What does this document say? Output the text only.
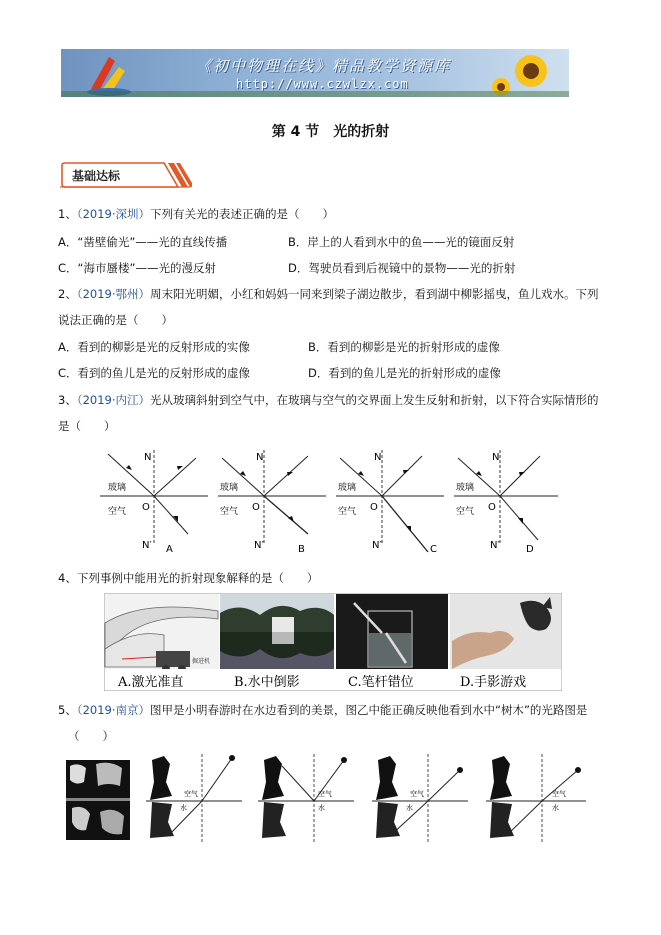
《初中物理在线》精品教学资源库
http://www.czwlzx.com
第 4 节　光的折射
基础达标
1、（2019·深圳）下列有关光的表述正确的是（　　）
A．“凿壁偷光”——光的直线传播	B．岸上的人看到水中的鱼——光的镜面反射
C．“海市蜃楼”——光的漫反射	D．驾驶员看到后视镜中的景物——光的折射
2、（2019·鄂州）周末阳光明媚，小红和妈妈一同来到梁子湖边散步，看到湖中柳影摇曳，鱼儿戏水。下列
说法正确的是（　　）
A．看到的柳影是光的反射形成的实像	B．看到的柳影是光的折射形成的虚像
C．看到的鱼儿是光的反射形成的虚像	D．看到的鱼儿是光的折射形成的虚像
3、（2019·内江）光从玻璃斜射到空气中，在玻璃与空气的交界面上发生反射和折射，以下符合实际情形的
是（　　）
N
玻璃
空气 O
N′ A
N
玻璃
空气 O
N′	B
N
玻璃
空气 O
N′	C
N
玻璃
空气 O
N′	D
4、下列事例中能用光的折射现象解释的是（　　）
掘进机
A.激光准直	B.水中倒影	C.笔杆错位	D.手影游戏
5、（2019·南京）图甲是小明春游时在水边看到的美景，图乙中能正确反映他看到水中“树木”的光路图是
（　　）
空气
水
空气
水
空气
水
空气
水
